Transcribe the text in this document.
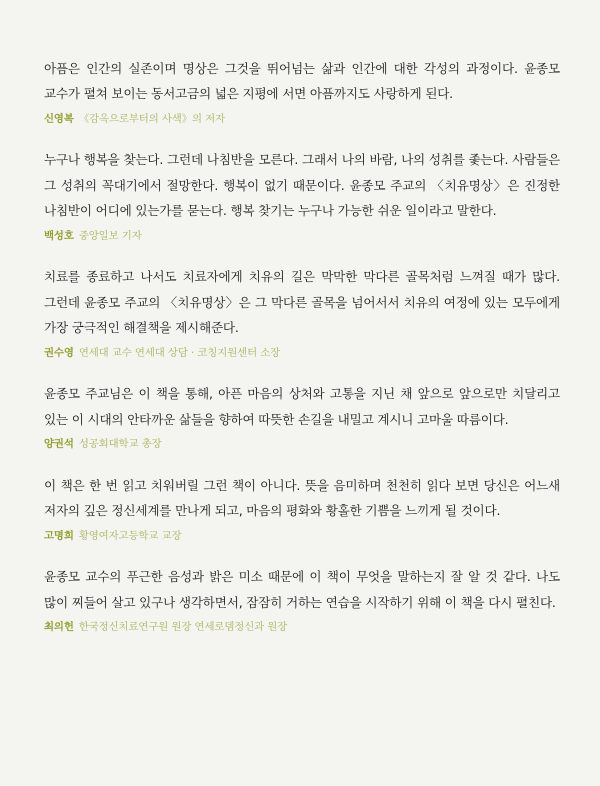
아픔은 인간의 실존이며 명상은 그것을 뛰어넘는 삶과 인간에 대한 각성의 과정이다. 윤종모 교수가 펼쳐 보이는 동서고금의 넓은 지평에 서면 아픔까지도 사랑하게 된다.

신영복 《감옥으로부터의 사색》의 저자

누구나 행복을 찾는다. 그런데 나침반을 모른다. 그래서 나의 바람, 나의 성취를 좇는다. 사람들은 그 성취의 꼭대기에서 절망한다. 행복이 없기 때문이다. 윤종모 주교의 〈치유명상〉은 진정한 나침반이 어디에 있는가를 묻는다. 행복 찾기는 누구나 가능한 쉬운 일이라고 말한다.

백성호 중앙일보 기자

치료를 종료하고 나서도 치료자에게 치유의 길은 막막한 막다른 골목처럼 느껴질 때가 많다. 그런데 윤종모 주교의 〈치유명상〉은 그 막다른 골목을 넘어서서 치유의 여정에 있는 모두에게 가장 궁극적인 해결책을 제시해준다.

권수영 연세대 교수 연세대 상담 · 코칭지원센터 소장

윤종모 주교님은 이 책을 통해, 아픈 마음의 상처와 고통을 지닌 채 앞으로 앞으로만 치달리고 있는 이 시대의 안타까운 삶들을 향하여 따뜻한 손길을 내밀고 계시니 고마울 따름이다.

양권석 성공회대학교 총장

이 책은 한 번 읽고 치워버릴 그런 책이 아니다. 뜻을 음미하며 천천히 읽다 보면 당신은 어느새 저자의 깊은 정신세계를 만나게 되고, 마음의 평화와 황홀한 기쁨을 느끼게 될 것이다.

고명희 황영여자고등학교 교장

윤종모 교수의 푸근한 음성과 밝은 미소 때문에 이 책이 무엇을 말하는지 잘 알 것 같다. 나도 많이 찌들어 살고 있구나 생각하면서, 잠잠히 거하는 연습을 시작하기 위해 이 책을 다시 펼친다.

최의헌 한국정신치료연구원 원장 연세로뎀정신과 원장
